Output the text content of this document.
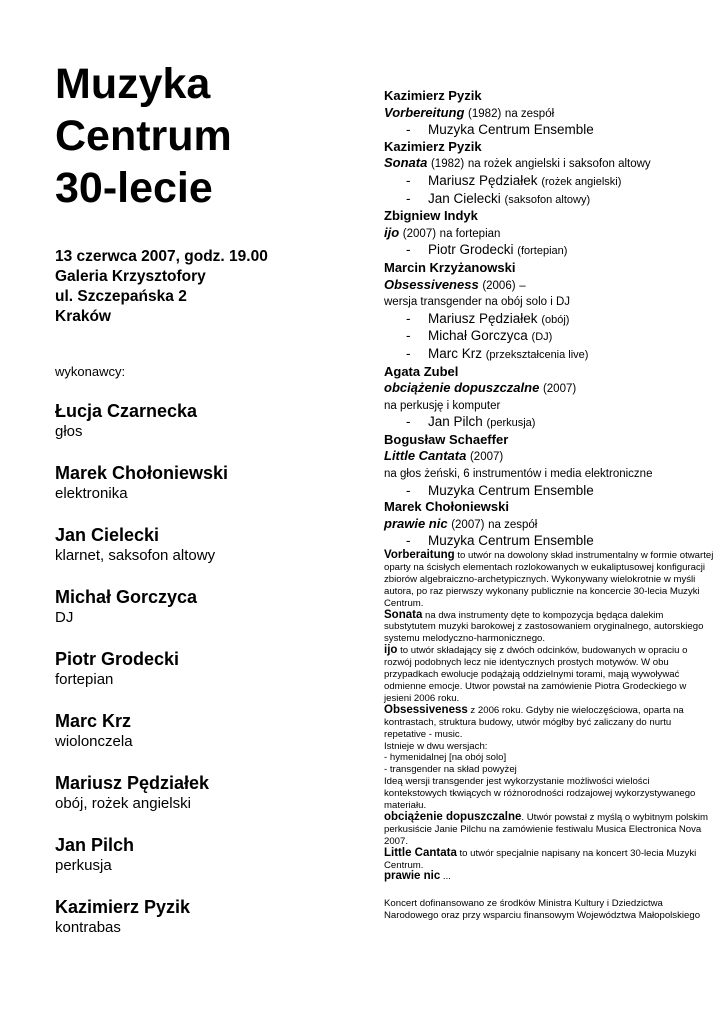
Muzyka
Centrum
30-lecie
13 czerwca 2007, godz. 19.00
Galeria Krzysztofory
ul. Szczepańska 2
Kraków
wykonawcy:
Łucja Czarnecka
głos
Marek Chołoniewski
elektronika
Jan Cielecki
klarnet, saksofon altowy
Michał Gorczyca
DJ
Piotr Grodecki
fortepian
Marc Krz
wiolonczela
Mariusz Pędziałek
obój, rożek angielski
Jan Pilch
perkusja
Kazimierz Pyzik
kontrabas
Kazimierz Pyzik
Vorbereitung (1982) na zespół
- Muzyka Centrum Ensemble
Kazimierz Pyzik
Sonata (1982) na rożek angielski i saksofon altowy
- Mariusz Pędziałek (rożek angielski)
- Jan Cielecki (saksofon altowy)
Zbigniew Indyk
ijo (2007) na fortepian
- Piotr Grodecki (fortepian)
Marcin Krzyżanowski
Obsessiveness (2006) –
wersja transgender na obój solo i DJ
- Mariusz Pędziałek (obój)
- Michał Gorczyca (DJ)
- Marc Krz (przekształcenia live)
Agata Zubel
obciążenie dopuszczalne (2007)
na perkusję i komputer
- Jan Pilch (perkusja)
Bogusław Schaeffer
Little Cantata (2007)
na głos żeński, 6 instrumentów i media elektroniczne
- Muzyka Centrum Ensemble
Marek Chołoniewski
prawie nic (2007) na zespół
- Muzyka Centrum Ensemble

Vorberaitung to utwór na dowolony skład instrumentalny w formie otwartej oparty na ścisłych elementach rozlokowanych w eukaliptusowej konfiguracji zbiorów algebraiczno-archetypicznych. Wykonywany wielokrotnie w myśli autora, po raz pierwszy wykonany publicznie na koncercie 30-lecia Muzyki Centrum.

Sonata na dwa instrumenty dęte to kompozycja będąca dalekim substytutem muzyki barokowej z zastosowaniem oryginalnego, autorskiego systemu melodyczno-harmonicznego.

ijo to utwór składający się z dwóch odcinków, budowanych w opraciu o rozwój podobnych lecz nie identycznych prostych motywów. W obu przypadkach ewolucje podążają oddzielnymi torami, mają wywoływać odmienne emocje. Utwor powstał na zamówienie Piotra Grodeckiego w jesieni 2006 roku.

Obsessiveness z 2006 roku. Gdyby nie wieloczęściowa, oparta na kontrastach, struktura budowy, utwór mógłby być zaliczany do nurtu repetative - music.

Istnieje w dwu wersjach:

- hymenidalnej [na obój solo]

- transgender na skład powyżej

Ideą wersji transgender jest wykorzystanie możliwości wielości kontekstowych tkwiących w różnorodności rodzajowej wykorzystywanego materiału.

obciążenie dopuszczalne. Utwór powstał z myślą o wybitnym polskim perkusiście Janie Pilchu na zamówienie festiwalu Musica Electronica Nova 2007.

Little Cantata to utwór specjalnie napisany na koncert 30-lecia Muzyki Centrum.

prawie nic ...

Koncert dofinansowano ze środków Ministra Kultury i Dziedzictwa Narodowego oraz przy wsparciu finansowym Województwa Małopolskiego
